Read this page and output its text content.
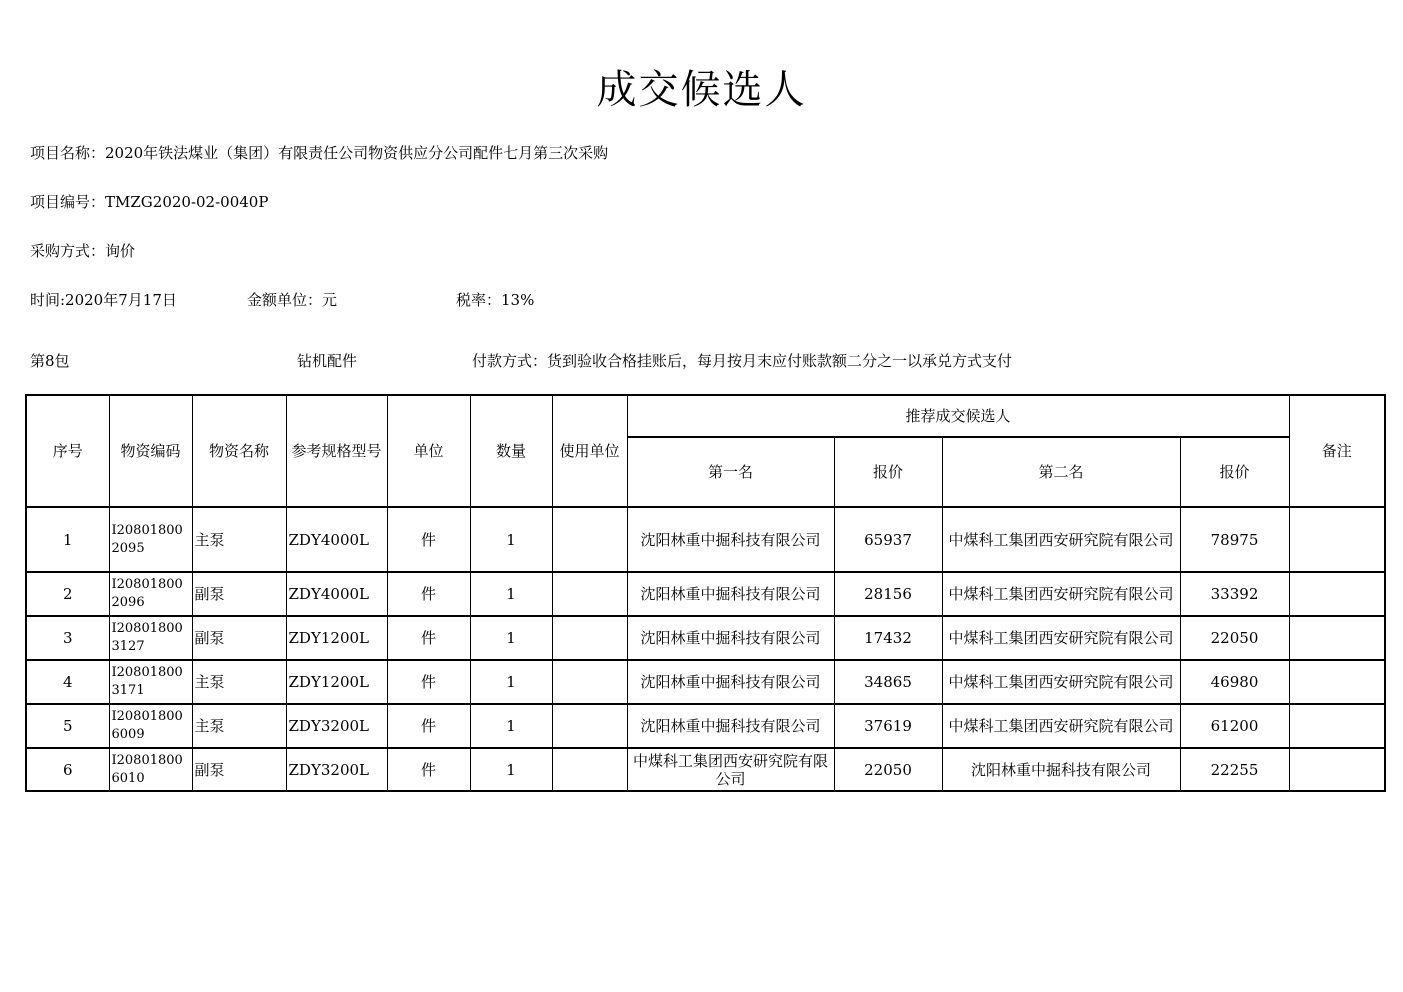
成交候选人
项目名称：2020年铁法煤业（集团）有限责任公司物资供应分公司配件七月第三次采购
项目编号：TMZG2020-02-0040P
采购方式：询价
时间:2020年7月17日	金额单位：元	税率：13%
第8包	钻机配件	付款方式：货到验收合格挂账后，每月按月末应付账款额二分之一以承兑方式支付
序号	物资编码	物资名称	参考规格型号	单位	数量	使用单位	推荐成交候选人				备注
							第一名	报价	第二名	报价	
1	I208018002095	主泵	ZDY4000L	件	1		沈阳林重中掘科技有限公司	65937	中煤科工集团西安研究院有限公司	78975	
2	I208018002096	副泵	ZDY4000L	件	1		沈阳林重中掘科技有限公司	28156	中煤科工集团西安研究院有限公司	33392	
3	I208018003127	副泵	ZDY1200L	件	1		沈阳林重中掘科技有限公司	17432	中煤科工集团西安研究院有限公司	22050	
4	I208018003171	主泵	ZDY1200L	件	1		沈阳林重中掘科技有限公司	34865	中煤科工集团西安研究院有限公司	46980	
5	I208018006009	主泵	ZDY3200L	件	1		沈阳林重中掘科技有限公司	37619	中煤科工集团西安研究院有限公司	61200	
6	I208018006010	副泵	ZDY3200L	件	1		中煤科工集团西安研究院有限公司	22050	沈阳林重中掘科技有限公司	22255	
